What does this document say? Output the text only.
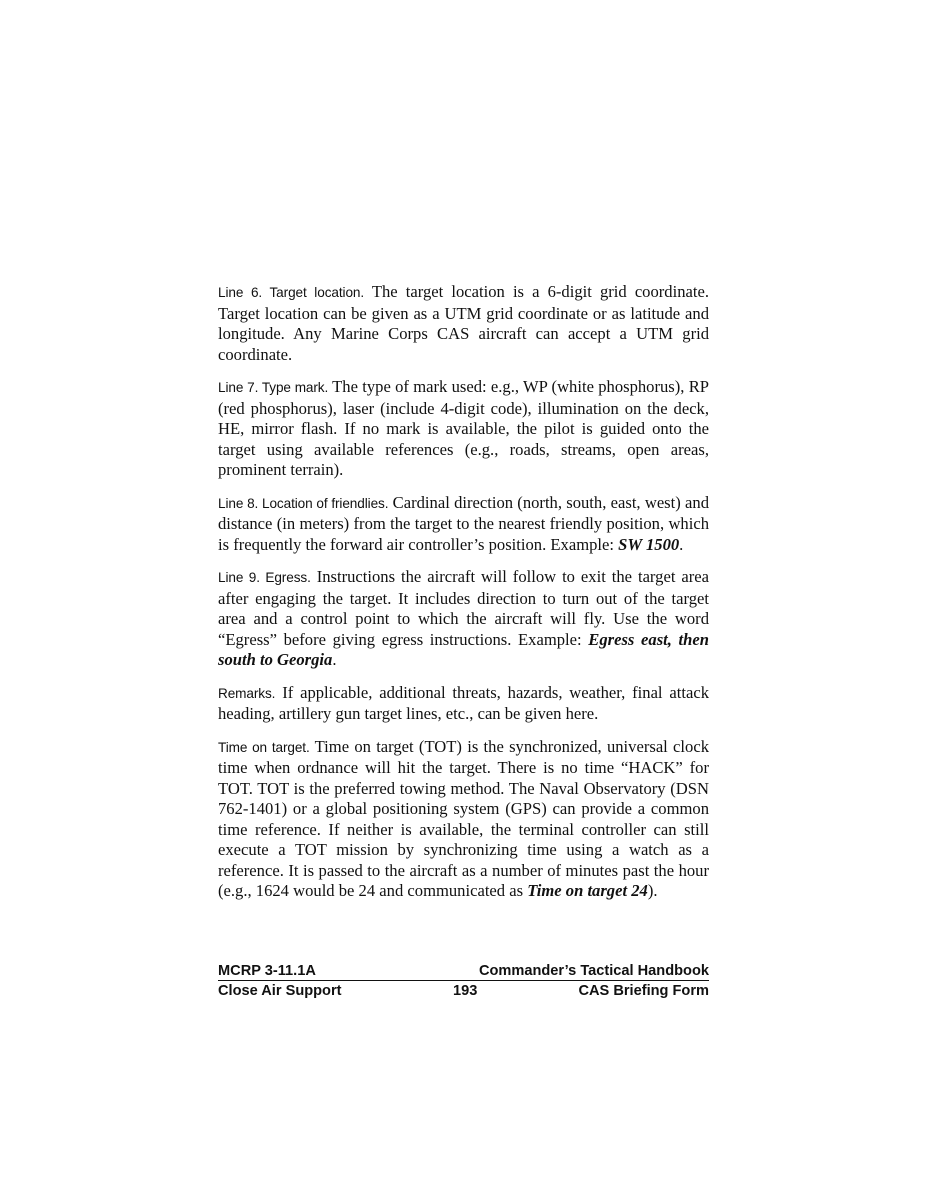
Line 6. Target location. The target location is a 6-digit grid coordinate. Target location can be given as a UTM grid coordinate or as latitude and longitude. Any Marine Corps CAS aircraft can accept a UTM grid coordinate.

Line 7. Type mark. The type of mark used: e.g., WP (white phosphorus), RP (red phosphorus), laser (include 4-digit code), illumination on the deck, HE, mirror flash. If no mark is available, the pilot is guided onto the target using available references (e.g., roads, streams, open areas, prominent terrain).

Line 8. Location of friendlies. Cardinal direction (north, south, east, west) and distance (in meters) from the target to the nearest friendly position, which is frequently the forward air controller’s position. Example: SW 1500.

Line 9. Egress. Instructions the aircraft will follow to exit the target area after engaging the target. It includes direction to turn out of the target area and a control point to which the aircraft will fly. Use the word “Egress” before giving egress instructions. Example: Egress east, then south to Georgia.

Remarks. If applicable, additional threats, hazards, weather, final attack heading, artillery gun target lines, etc., can be given here.

Time on target. Time on target (TOT) is the synchronized, universal clock time when ordnance will hit the target. There is no time “HACK” for TOT. TOT is the preferred towing method. The Naval Observatory (DSN 762-1401) or a global positioning system (GPS) can provide a common time reference. If neither is available, the terminal controller can still execute a TOT mission by synchronizing time using a watch as a reference. It is passed to the aircraft as a number of minutes past the hour (e.g., 1624 would be 24 and communicated as Time on target 24).

MCRP 3-11.1A	Commander’s Tactical Handbook
Close Air Support	193	CAS Briefing Form
